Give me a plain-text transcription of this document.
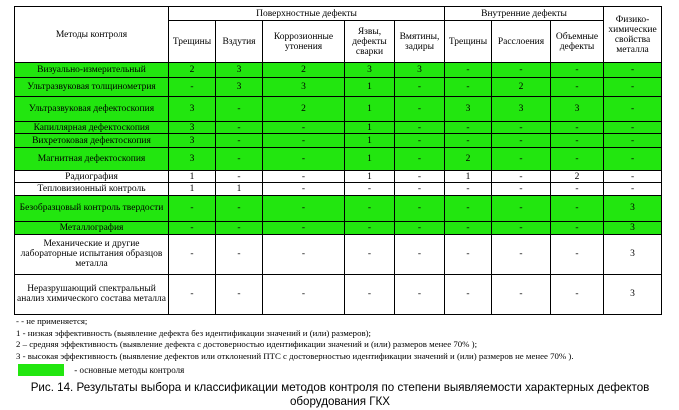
Методы контроля	Поверхностные дефекты					Внутренние дефекты			Физико-химические свойства металла
	Трещины	Вздутия	Коррозионные утонения	Язвы, дефекты сварки	Вмятины, задиры	Трещины	Расслоения	Объемные дефекты	
Визуально-измерительный	2	3	2	3	3	-	-	-	-
Ультразвуковая толщинометрия	-	3	3	1	-	-	2	-	-
Ультразвуковая дефектоскопия	3	-	2	1	-	3	3	3	-
Капиллярная дефектоскопия	3	-	-	1	-	-	-	-	-
Вихретоковая дефектоскопия	3	-	-	1	-	-	-	-	-
Магнитная дефектоскопия	3	-	-	1	-	2	-	-	-
Радиография	1	-	-	1	-	1	-	2	-
Тепловизионный контроль	1	1	-	-	-	-	-	-	-
Безобразцовый контроль твердости	-	-	-	-	-	-	-	-	3
Металлография	-	-	-	-	-	-	-	-	3
Механические и другие лабораторные испытания образцов металла	-	-	-	-	-	-	-	-	3
Неразрушающий спектральный анализ химического состава металла	-	-	-	-	-	-	-	-	3
- - не применяется;
1 - низкая эффективность (выявление дефекта без идентификации значений и (или) размеров);
2 – средняя эффективность (выявление дефекта с достоверностью идентификации значений и (или) размеров менее 70% );
3 - высокая эффективность (выявление дефектов или отклонений ПТС с достоверностью идентификации значений и (или) размеров не менее 70% ).
- основные методы контроля
Рис. 14. Результаты выбора и классификации методов контроля по степени выявляемости характерных дефектов оборудования ГКХ
